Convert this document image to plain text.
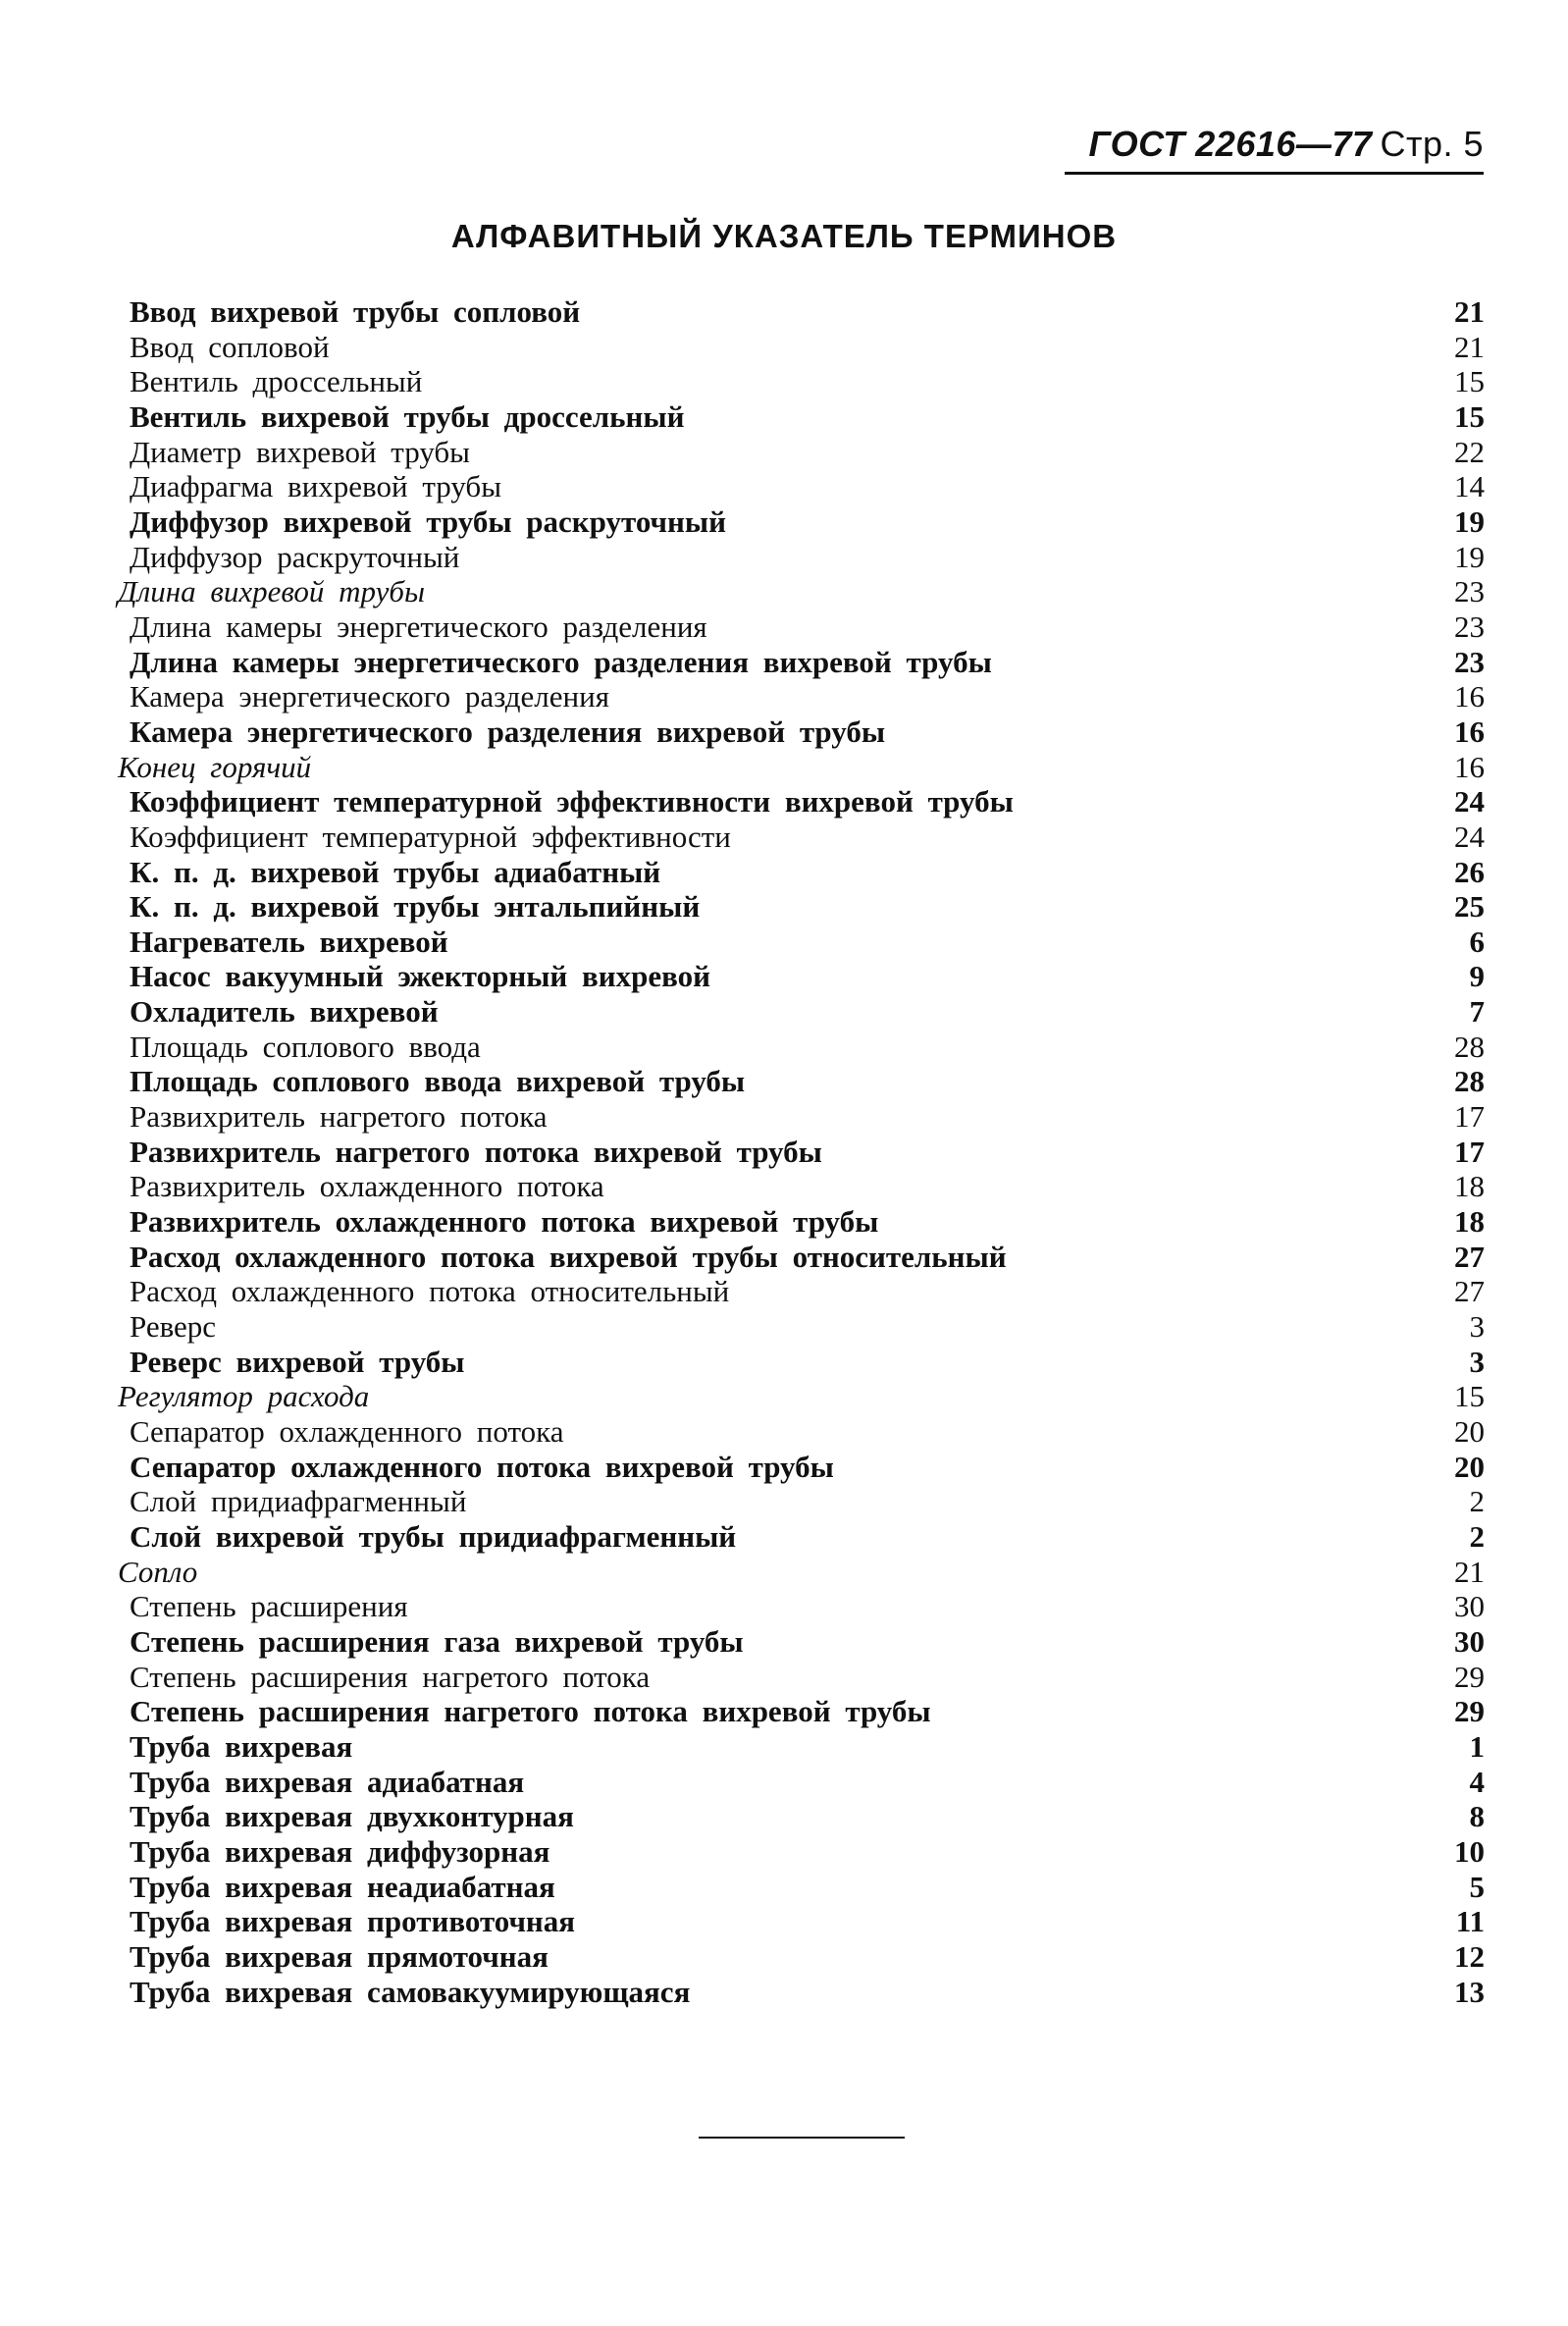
ГОСТ 22616—77 Стр. 5
АЛФАВИТНЫЙ УКАЗАТЕЛЬ ТЕРМИНОВ
Ввод вихревой трубы сопловой	21
Ввод сопловой	21
Вентиль дроссельный	15
Вентиль вихревой трубы дроссельный	15
Диаметр вихревой трубы	22
Диафрагма вихревой трубы	14
Диффузор вихревой трубы раскруточный	19
Диффузор раскруточный	19
Длина вихревой трубы	23
Длина камеры энергетического разделения	23
Длина камеры энергетического разделения вихревой трубы	23
Камера энергетического разделения	16
Камера энергетического разделения вихревой трубы	16
Конец горячий	16
Коэффициент температурной эффективности вихревой трубы	24
Коэффициент температурной эффективности	24
К. п. д. вихревой трубы адиабатный	26
К. п. д. вихревой трубы энтальпийный	25
Нагреватель вихревой	6
Насос вакуумный эжекторный вихревой	9
Охладитель вихревой	7
Площадь соплового ввода	28
Площадь соплового ввода вихревой трубы	28
Развихритель нагретого потока	17
Развихритель нагретого потока вихревой трубы	17
Развихритель охлажденного потока	18
Развихритель охлажденного потока вихревой трубы	18
Расход охлажденного потока вихревой трубы относительный	27
Расход охлажденного потока относительный	27
Реверс	3
Реверс вихревой трубы	3
Регулятор расхода	15
Сепаратор охлажденного потока	20
Сепаратор охлажденного потока вихревой трубы	20
Слой придиафрагменный	2
Слой вихревой трубы придиафрагменный	2
Сопло	21
Степень расширения	30
Степень расширения газа вихревой трубы	30
Степень расширения нагретого потока	29
Степень расширения нагретого потока вихревой трубы	29
Труба вихревая	1
Труба вихревая адиабатная	4
Труба вихревая двухконтурная	8
Труба вихревая диффузорная	10
Труба вихревая неадиабатная	5
Труба вихревая противоточная	11
Труба вихревая прямоточная	12
Труба вихревая самовакуумирующаяся	13
